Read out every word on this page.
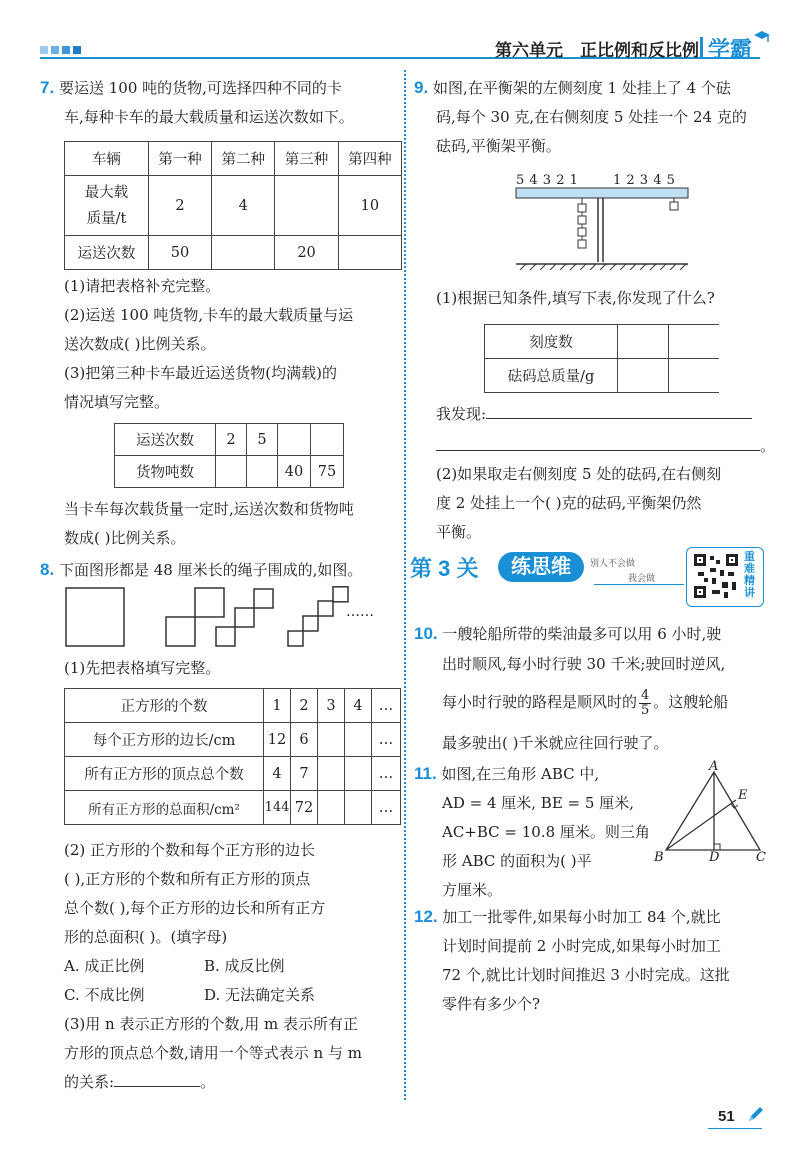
第六单元 正比例和反比例 学霸
7. 要运送 100 吨的货物,可选择四种不同的卡
车,每种卡车的最大载质量和运送次数如下。
车辆	第一种	第二种	第三种	第四种

最大载
质量/t	2	4		10
运送次数	50		20	
(1)请把表格补充完整。
(2)运送 100 吨货物,卡车的最大载质量与运
送次数成( )比例关系。
(3)把第三种卡车最近运送货物(均满载)的
情况填写完整。
运送次数	2	5		
货物吨数			40	75
当卡车每次载货量一定时,运送次数和货物吨
数成( )比例关系。
8. 下面图形都是 48 厘米长的绳子围成的,如图。
……
(1)先把表格填写完整。
正方形的个数	1	2	3	4	…
每个正方形的边长/cm	12	6			…
所有正方形的顶点总个数	4	7			…
所有正方形的总面积/cm²	144	72			…
(2) 正方形的个数和每个正方形的边长
( ),正方形的个数和所有正方形的顶点
总个数( ),每个正方形的边长和所有正方
形的总面积( )。(填字母)
A. 成正比例	B. 成反比例
C. 不成比例	D. 无法确定关系
(3)用 n 表示正方形的个数,用 m 表示所有正
方形的顶点总个数,请用一个等式表示 n 与 m
的关系:	。
9. 如图,在平衡架的左侧刻度 1 处挂上了 4 个砝
码,每个 30 克,在右侧刻度 5 处挂一个 24 克的
砝码,平衡架平衡。
5 4 3 2 1	1 2 3 4 5
(1)根据已知条件,填写下表,你发现了什么?
刻度数		
砝码总质量/g		
我发现:
。
(2)如果取走右侧刻度 5 处的砝码,在右侧刻
度 2 处挂上一个( )克的砝码,平衡架仍然
平衡。
第 3 关	练思维	别人不会做
我会做
重难精讲
10. 一艘轮船所带的柴油最多可以用 6 小时,驶
出时顺风,每小时行驶 30 千米;驶回时逆风,
每小时行驶的路程是顺风时的 $\frac{4}{5}$ 。这艘轮船
最多驶出( )千米就应往回行驶了。
11. 如图,在三角形 ABC 中,
AD = 4 厘米, BE = 5 厘米,
AC+BC = 10.8 厘米。则三角
形 ABC 的面积为( )平
方厘米。
A
B	C
D
E
12. 加工一批零件,如果每小时加工 84 个,就比
计划时间提前 2 小时完成,如果每小时加工
72 个,就比计划时间推迟 3 小时完成。这批
零件有多少个?
51
